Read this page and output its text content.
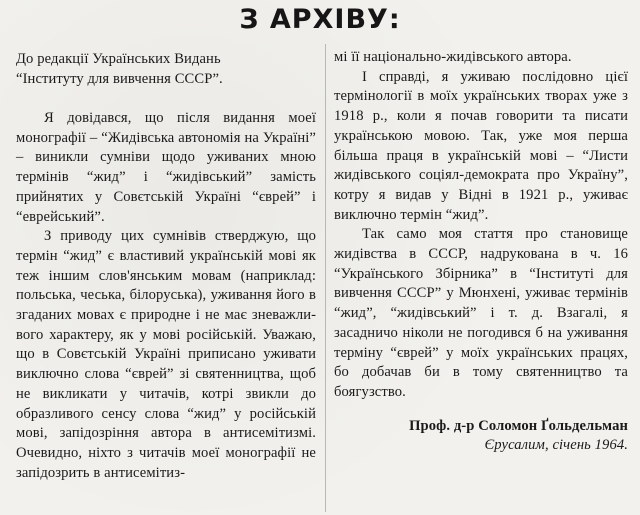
З АРХІВУ:
До редакції Українських Видань
“Інституту для вивчення СССР”.

Я довідався, що після видання моеї монографії – “Жидівська автономія на Україні” – виникли сумніви щодо уживаних мною термінів “жид” і “жидівський” замість прийнятих у Совєтській Україні “єврей” і “еврейський”.

З приводу цих сумнівів стверджую, що термін “жид” є властивий українській мові як теж іншим слов'янським мовам (наприклад: польська, чеська, білоруська), уживання його в згаданих мовах є природне і не має зневажливого характеру, як у мові російській. Уважаю, що в Совєтській Україні приписано уживати виключно слова “єврей” зі святенництва, щоб не викликати у читачів, котрі звикли до образливого сенсу слова “жид” у російській мові, запідозріння автора в антисемітизмі. Очевидно, ніхто з читачів моеї монографії не запідозрить в антисемітиз-

мі її національно-жидівського автора.

І справді, я уживаю послідовно цієї термінології в моїх українських творах уже з 1918 р., коли я почав говорити та писати українською мовою. Так, уже моя перша більша праця в українській мові – “Листи жидівського соціял-демократа про Україну”, котру я видав у Відні в 1921 р., уживає виключно термін “жид”.

Так само моя стаття про становище жидівства в СССР, надрукована в ч. 16 “Українського Збірника” в “Інституті для вивчення СССР” у Мюнхені, уживає термінів “жид”, “жидівський” і т. д. Взагалі, я засадничо ніколи не погодився б на уживання терміну “єврей” у моїх українських працях, бо добачав би в тому святенництво та боягузство.

Проф. д-р Соломон Ґольдельман
Єрусалим, січень 1964.
